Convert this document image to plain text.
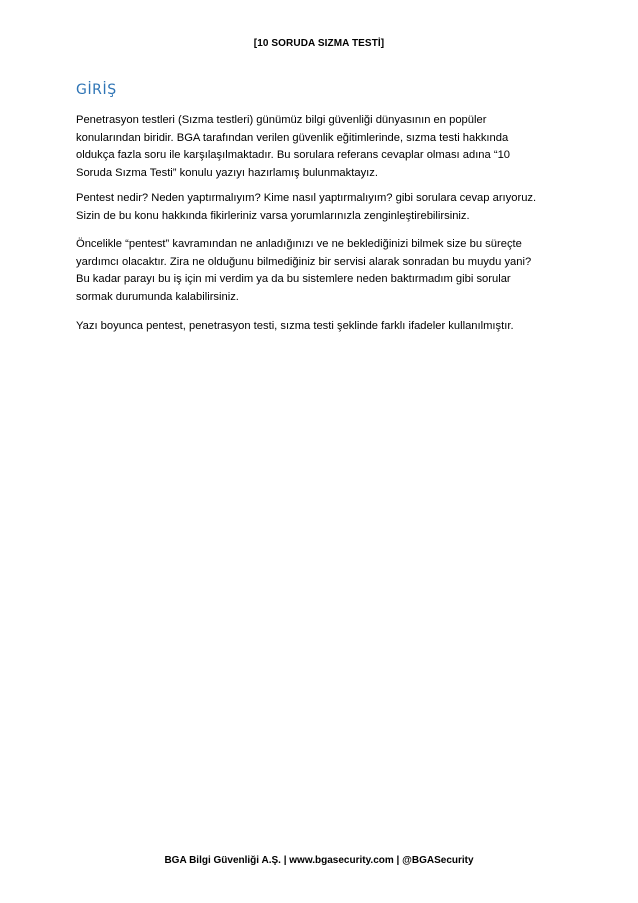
[10 SORUDA SIZMA TESTİ]
GİRİŞ

Penetrasyon testleri (Sızma testleri) günümüz bilgi güvenliği dünyasının en popüler
konularından biridir. BGA tarafından verilen güvenlik eğitimlerinde, sızma testi hakkında
oldukça fazla soru ile karşılaşılmaktadır. Bu sorulara referans cevaplar olması adına “10
Soruda Sızma Testi” konulu yazıyı hazırlamış bulunmaktayız.

Pentest nedir? Neden yaptırmalıyım? Kime nasıl yaptırmalıyım? gibi sorulara cevap arıyoruz.
Sizin de bu konu hakkında fikirleriniz varsa yorumlarınızla zenginleştirebilirsiniz.

Öncelikle “pentest” kavramından ne anladığınızı ve ne beklediğinizi bilmek size bu süreçte
yardımcı olacaktır. Zira ne olduğunu bilmediğiniz bir servisi alarak sonradan bu muydu yani?
Bu kadar parayı bu iş için mi verdim ya da bu sistemlere neden baktırmadım gibi sorular
sormak durumunda kalabilirsiniz.

Yazı boyunca pentest, penetrasyon testi, sızma testi şeklinde farklı ifadeler kullanılmıştır.

BGA Bilgi Güvenliği A.Ş. | www.bgasecurity.com | @BGASecurity
